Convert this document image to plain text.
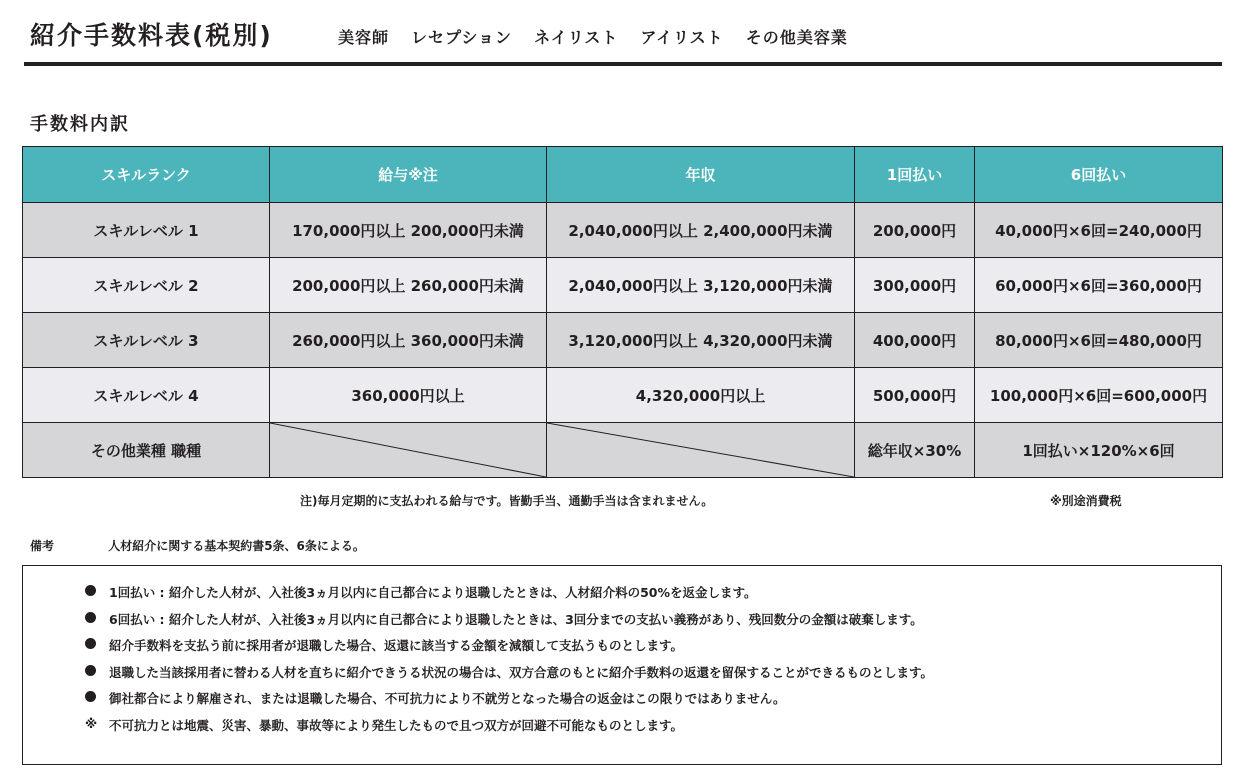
紹介手数料表(税別)	美容師 レセプション ネイリスト アイリスト その他美容業
手数料内訳
スキルランク	給与※注	年収	1回払い	6回払い
スキルレベル 1	170,000円以上 200,000円未満	2,040,000円以上 2,400,000円未満	200,000円	40,000円×6回=240,000円
スキルレベル 2	200,000円以上 260,000円未満	2,040,000円以上 3,120,000円未満	300,000円	60,000円×6回=360,000円
スキルレベル 3	260,000円以上 360,000円未満	3,120,000円以上 4,320,000円未満	400,000円	80,000円×6回=480,000円
スキルレベル 4	360,000円以上	4,320,000円以上	500,000円	100,000円×6回=600,000円
その他業種 職種			総年収×30%	1回払い×120%×6回
注)毎月定期的に支払われる給与です。皆勤手当、通勤手当は含まれません。	※別途消費税
備考	人材紹介に関する基本契約書5条、6条による。
1回払い : 紹介した人材が、入社後3ヵ月以内に自己都合により退職したときは、人材紹介料の50%を返金します。
6回払い : 紹介した人材が、入社後3ヵ月以内に自己都合により退職したときは、3回分までの支払い義務があり、残回数分の金額は破棄します。
紹介手数料を支払う前に採用者が退職した場合、返還に該当する金額を減額して支払うものとします。
退職した当該採用者に替わる人材を直ちに紹介できうる状況の場合は、双方合意のもとに紹介手数料の返還を留保することができるものとします。
御社都合により解雇され、または退職した場合、不可抗力により不就労となった場合の返金はこの限りではありません。
※ 不可抗力とは地震、災害、暴動、事故等により発生したもので且つ双方が回避不可能なものとします。
